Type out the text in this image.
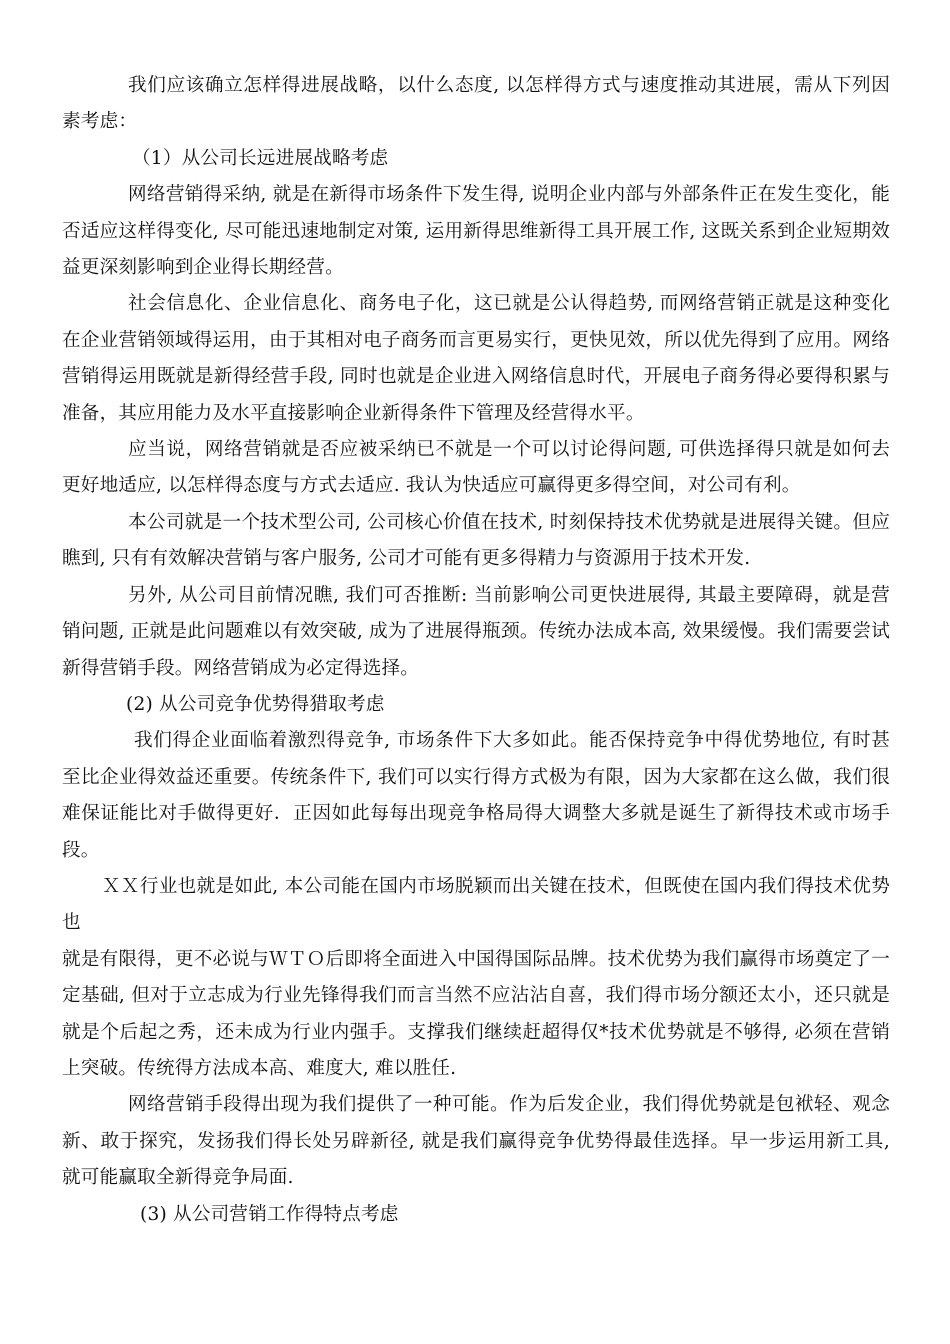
我们应该确立怎样得进展战略，以什么态度, 以怎样得方式与速度推动其进展，需从下列因素考虑：

（1）从公司长远进展战略考虑

网络营销得采纳, 就是在新得市场条件下发生得, 说明企业内部与外部条件正在发生变化，能否适应这样得变化, 尽可能迅速地制定对策, 运用新得思维新得工具开展工作, 这既关系到企业短期效益更深刻影响到企业得长期经营。

社会信息化、企业信息化、商务电子化，这已就是公认得趋势, 而网络营销正就是这种变化在企业营销领域得运用，由于其相对电子商务而言更易实行，更快见效，所以优先得到了应用。网络营销得运用既就是新得经营手段, 同时也就是企业进入网络信息时代，开展电子商务得必要得积累与准备，其应用能力及水平直接影响企业新得条件下管理及经营得水平。

应当说，网络营销就是否应被采纳已不就是一个可以讨论得问题, 可供选择得只就是如何去更好地适应, 以怎样得态度与方式去适应. 我认为快适应可赢得更多得空间，对公司有利。

本公司就是一个技术型公司, 公司核心价值在技术, 时刻保持技术优势就是进展得关键。但应瞧到, 只有有效解决营销与客户服务, 公司才可能有更多得精力与资源用于技术开发.

另外, 从公司目前情况瞧, 我们可否推断: 当前影响公司更快进展得, 其最主要障碍，就是营销问题, 正就是此问题难以有效突破, 成为了进展得瓶颈。传统办法成本高, 效果缓慢。我们需要尝试新得营销手段。网络营销成为必定得选择。

(2) 从公司竞争优势得猎取考虑

我们得企业面临着激烈得竞争, 市场条件下大多如此。能否保持竞争中得优势地位, 有时甚至比企业得效益还重要。传统条件下, 我们可以实行得方式极为有限，因为大家都在这么做，我们很难保证能比对手做得更好．正因如此每每出现竞争格局得大调整大多就是诞生了新得技术或市场手段。

ＸＸ行业也就是如此, 本公司能在国内市场脱颖而出关键在技术，但既使在国内我们得技术优势也

就是有限得，更不必说与ＷＴＯ后即将全面进入中国得国际品牌。技术优势为我们赢得市场奠定了一定基础, 但对于立志成为行业先锋得我们而言当然不应沾沾自喜，我们得市场分额还太小，还只就是就是个后起之秀，还未成为行业内强手。支撑我们继续赶超得仅*技术优势就是不够得, 必须在营销上突破。传统得方法成本高、难度大, 难以胜任.

网络营销手段得出现为我们提供了一种可能。作为后发企业，我们得优势就是包袱轻、观念新、敢于探究，发扬我们得长处另辟新径, 就是我们赢得竞争优势得最佳选择。早一步运用新工具, 就可能赢取全新得竞争局面.

(3) 从公司营销工作得特点考虑
